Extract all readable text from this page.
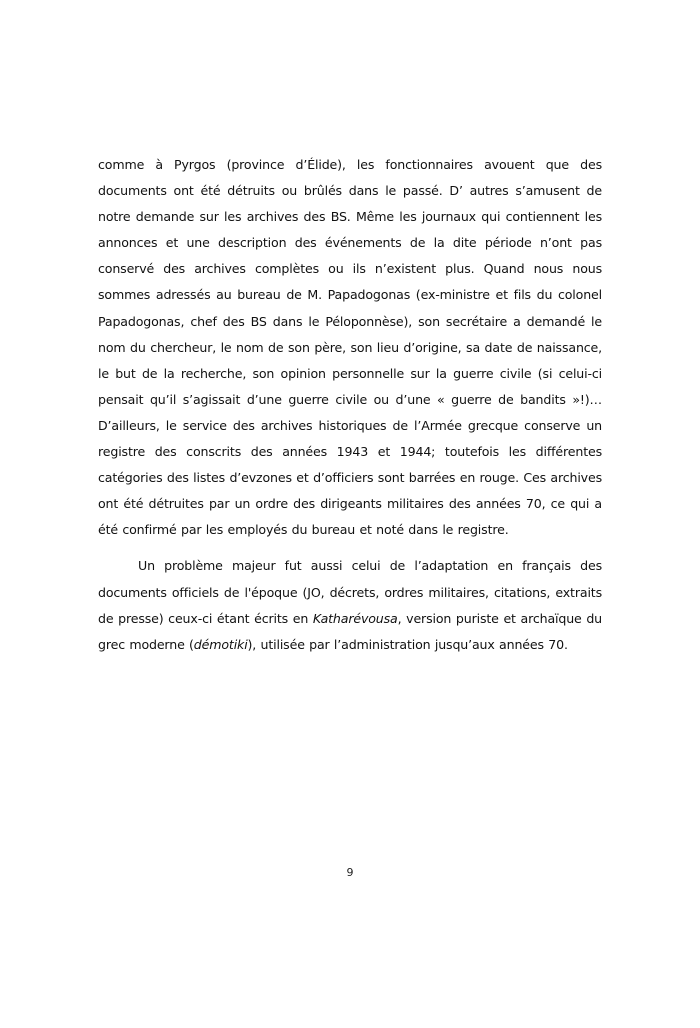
comme à Pyrgos (province d’Élide), les fonctionnaires avouent que des documents ont été détruits ou brûlés dans le passé. D’ autres s’amusent de notre demande sur les archives des BS. Même les journaux qui contiennent les annonces et une description des événements de la dite période n’ont pas conservé des archives complètes ou ils n’existent plus. Quand nous nous sommes adressés au bureau de M. Papadogonas (ex-ministre et fils du colonel Papadogonas, chef des BS dans le Péloponnèse), son secrétaire a demandé le nom du chercheur, le nom de son père, son lieu d’origine, sa date de naissance, le but de la recherche, son opinion personnelle sur la guerre civile (si celui-ci pensait qu’il s’agissait d’une guerre civile ou d’une « guerre de bandits »!)… D’ailleurs, le service des archives historiques de l’Armée grecque conserve un registre des conscrits des années 1943 et 1944; toutefois les différentes catégories des listes d’evzones et d’officiers sont barrées en rouge. Ces archives ont été détruites par un ordre des dirigeants militaires des années 70, ce qui a été confirmé par les employés du bureau et noté dans le registre.

Un problème majeur fut aussi celui de l’adaptation en français des documents officiels de l'époque (JO, décrets, ordres militaires, citations, extraits de presse) ceux-ci étant écrits en Katharévousa, version puriste et archaïque du grec moderne (démotiki), utilisée par l’administration jusqu’aux années 70.

9
